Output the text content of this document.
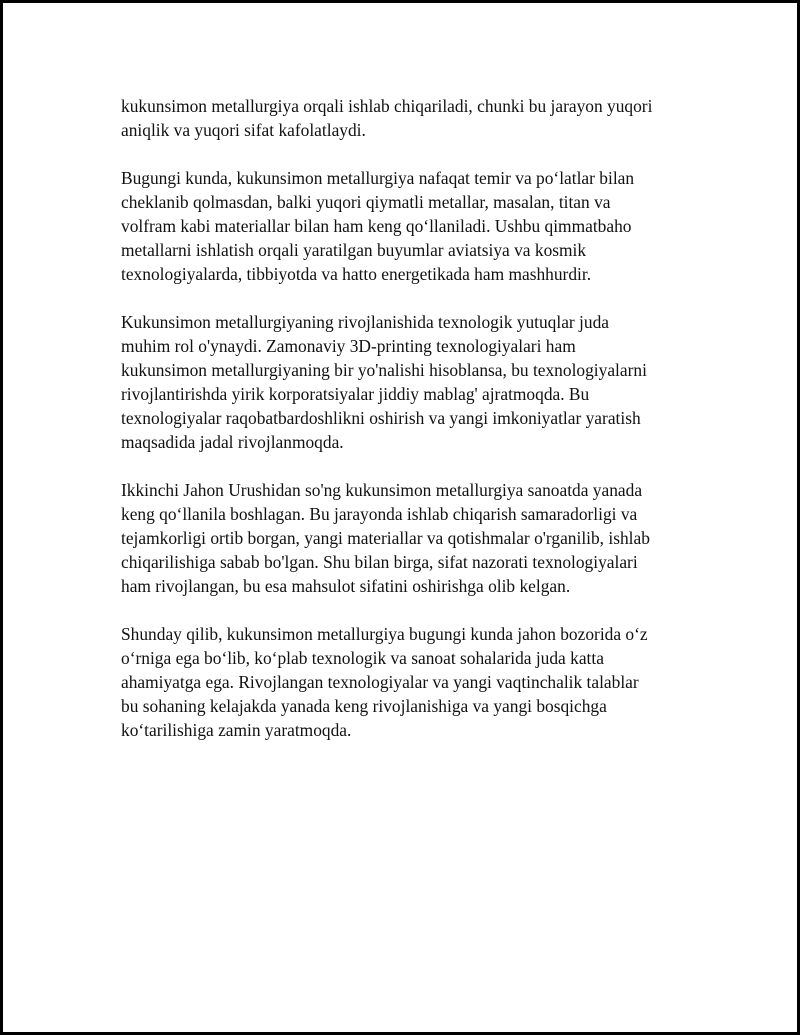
kukunsimon metallurgiya orqali ishlab chiqariladi, chunki bu jarayon yuqori
aniqlik va yuqori sifat kafolatlaydi.

Bugungi kunda, kukunsimon metallurgiya nafaqat temir va po‘latlar bilan
cheklanib qolmasdan, balki yuqori qiymatli metallar, masalan, titan va
volfram kabi materiallar bilan ham keng qo‘llaniladi. Ushbu qimmatbaho
metallarni ishlatish orqali yaratilgan buyumlar aviatsiya va kosmik
texnologiyalarda, tibbiyotda va hatto energetikada ham mashhurdir.

Kukunsimon metallurgiyaning rivojlanishida texnologik yutuqlar juda
muhim rol o'ynaydi. Zamonaviy 3D-printing texnologiyalari ham
kukunsimon metallurgiyaning bir yo'nalishi hisoblansa, bu texnologiyalarni
rivojlantirishda yirik korporatsiyalar jiddiy mablag' ajratmoqda. Bu
texnologiyalar raqobatbardoshlikni oshirish va yangi imkoniyatlar yaratish
maqsadida jadal rivojlanmoqda.

Ikkinchi Jahon Urushidan so'ng kukunsimon metallurgiya sanoatda yanada
keng qo‘llanila boshlagan. Bu jarayonda ishlab chiqarish samaradorligi va
tejamkorligi ortib borgan, yangi materiallar va qotishmalar o'rganilib, ishlab
chiqarilishiga sabab bo'lgan. Shu bilan birga, sifat nazorati texnologiyalari
ham rivojlangan, bu esa mahsulot sifatini oshirishga olib kelgan.

Shunday qilib, kukunsimon metallurgiya bugungi kunda jahon bozorida o‘z
o‘rniga ega bo‘lib, ko‘plab texnologik va sanoat sohalarida juda katta
ahamiyatga ega. Rivojlangan texnologiyalar va yangi vaqtinchalik talablar
bu sohaning kelajakda yanada keng rivojlanishiga va yangi bosqichga
ko‘tarilishiga zamin yaratmoqda.
